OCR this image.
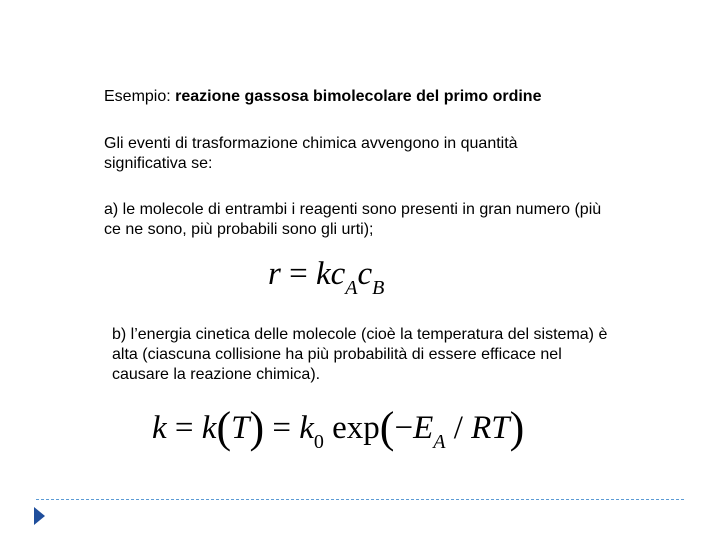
Esempio: reazione gassosa bimolecolare del primo ordine
Gli eventi di trasformazione chimica avvengono in quantità significativa se:
a) le molecole di entrambi i reagenti sono presenti in gran numero (più ce ne sono, più probabili sono gli urti);
$r = kc_Ac_B$
b) l’energia cinetica delle molecole (cioè la temperatura del sistema) è alta (ciascuna collisione ha più probabilità di essere efficace nel causare la reazione chimica).
$k = k(T) = k_0$ $\exp(-E_A / RT)$
